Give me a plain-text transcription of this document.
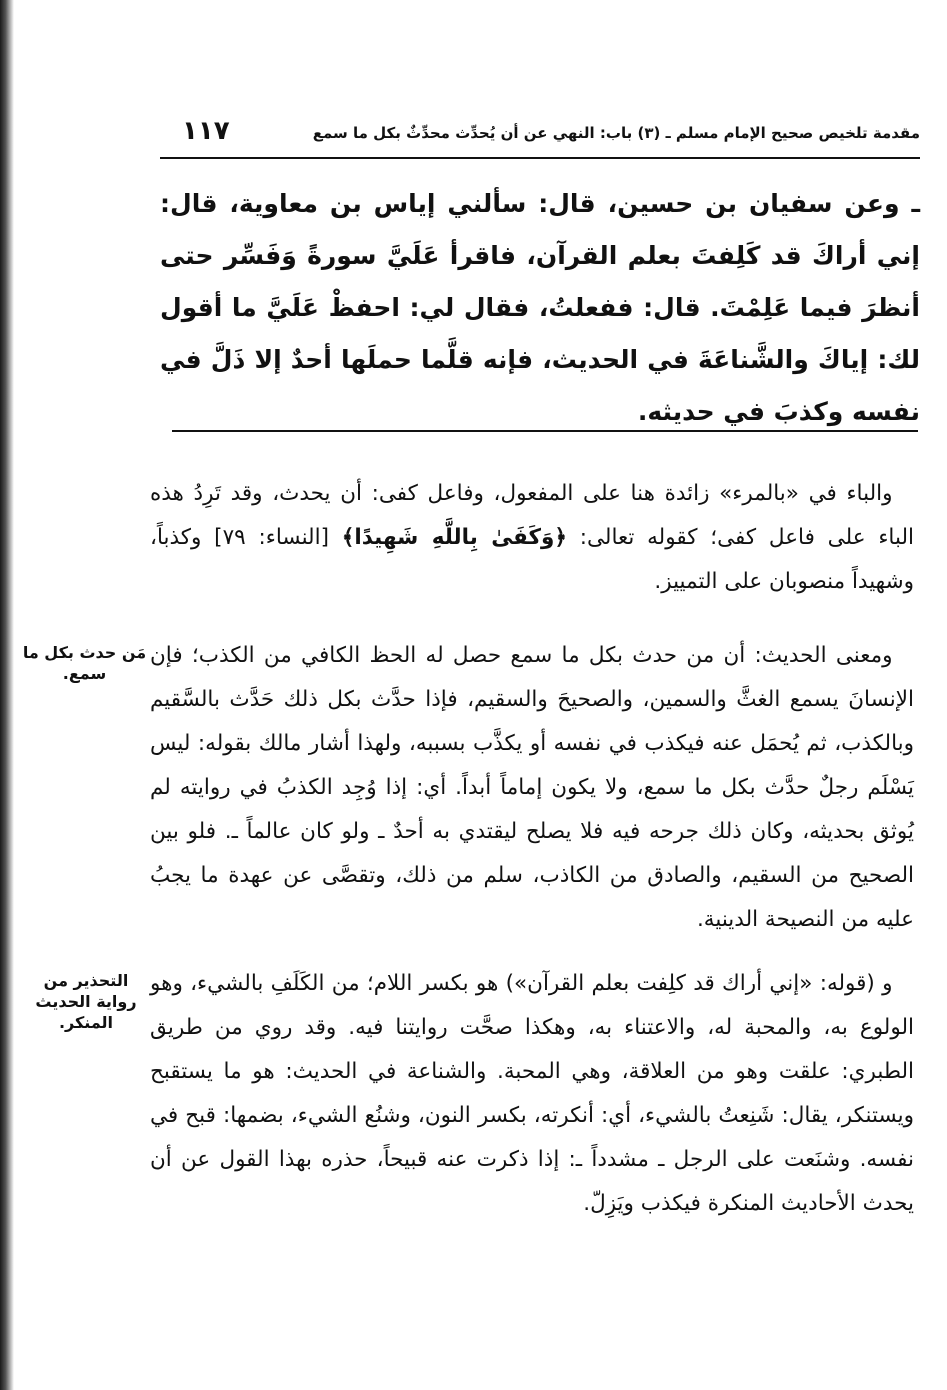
مقدمة تلخيص صحيح الإمام مسلم ـ (٣) باب: النهي عن أن يُحدِّث محدِّثٌ بكل ما سمع
١١٧

ـ وعن سفيان بن حسين، قال: سألني إياس بن معاوية، قال: إني أراكَ قد كَلِفتَ بعلم القرآن، فاقرأ عَلَيَّ سورةً وَفَسِّر حتى أنظرَ فيما عَلِمْتَ. قال: ففعلتُ، فقال لي: احفظْ عَلَيَّ ما أقول لك: إياكَ والشَّناعَةَ في الحديث، فإنه قلَّما حملَها أحدٌ إلا ذَلَّ في نفسه وكذبَ في حديثه.

 والباء في «بالمرء» زائدة هنا على المفعول، وفاعل كفى: أن يحدث، وقد تَرِدُ هذه الباء على فاعل كفى؛ كقوله تعالى: ﴿وَكَفَىٰ بِاللَّهِ شَهِيدًا﴾ [النساء: ٧٩] وكذباً، وشهيداً منصوبان على التمييز.

 ومعنى الحديث: أن من حدث بكل ما سمع حصل له الحظ الكافي من الكذب؛ فإن الإنسانَ يسمع الغثَّ والسمين، والصحيحَ والسقيم، فإذا حدَّث بكل ذلك حَدَّث بالسَّقيم وبالكذب، ثم يُحمَل عنه فيكذب في نفسه أو يكذَّب بسببه، ولهذا أشار مالك بقوله: ليس يَسْلَم رجلٌ حدَّث بكل ما سمع، ولا يكون إماماً أبداً. أي: إذا وُجِد الكذبُ في روايته لم يُوثق بحديثه، وكان ذلك جرحه فيه فلا يصلح ليقتدي به أحدٌ ـ ولو كان عالماً ـ. فلو بين الصحيح من السقيم، والصادق من الكاذب، سلم من ذلك، وتقصَّى عن عهدة ما يجبُ عليه من النصيحة الدينية.

مَن حدث بكل ما سمع.

 و (قوله: «إني أراك قد كلِفت بعلم القرآن») هو بكسر اللام؛ من الكَلَفِ بالشيء، وهو الولوع به، والمحبة له، والاعتناء به، وهكذا صحَّت روايتنا فيه. وقد روي من طريق الطبري: علقت وهو من العلاقة، وهي المحبة. والشناعة في الحديث: هو ما يستقبح ويستنكر، يقال: شَنِعتُ بالشيء، أي: أنكرته، بكسر النون، وشنُع الشيء، بضمها: قبح في نفسه. وشنَعت على الرجل ـ مشدداً ـ: إذا ذكرت عنه قبيحاً، حذره بهذا القول عن أن يحدث الأحاديث المنكرة فيكذب ويَزِلّ.

التحذير من رواية الحديث المنكر.
